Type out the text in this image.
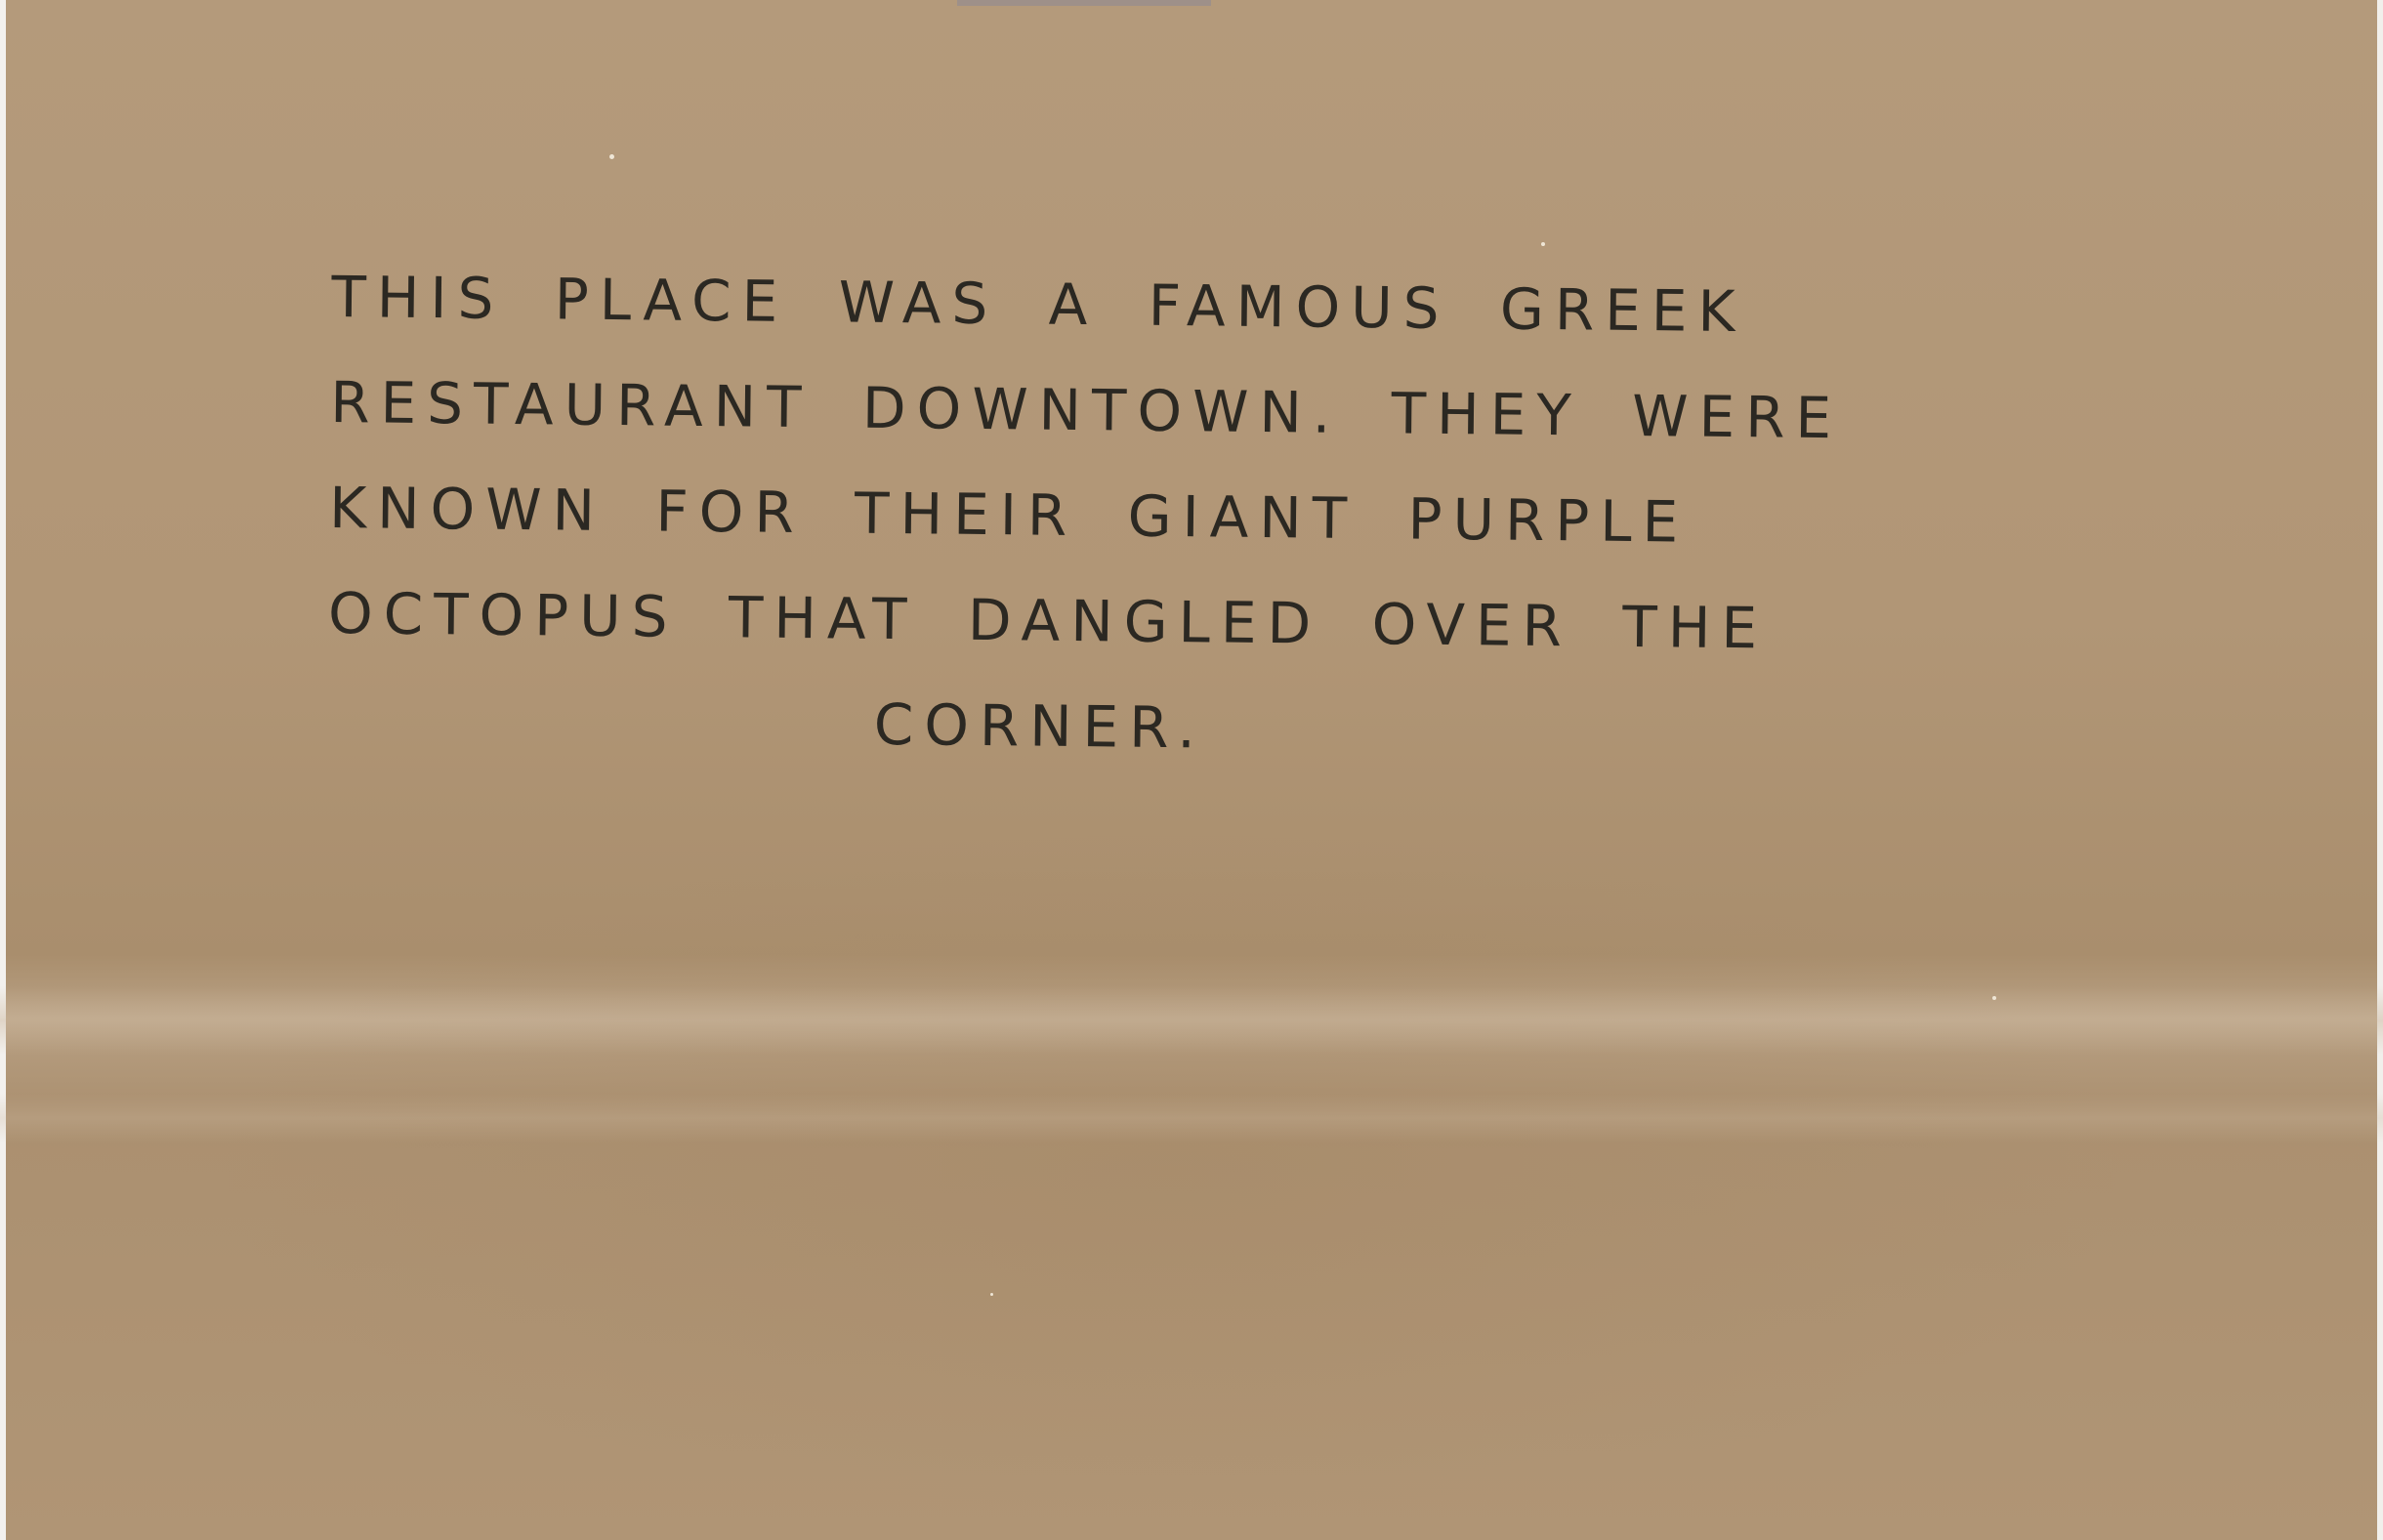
THIS PLACE WAS A FAMOUS GREEK
RESTAURANT DOWNTOWN. THEY WERE
KNOWN FOR THEIR GIANT PURPLE
OCTOPUS THAT DANGLED OVER THE
CORNER.
